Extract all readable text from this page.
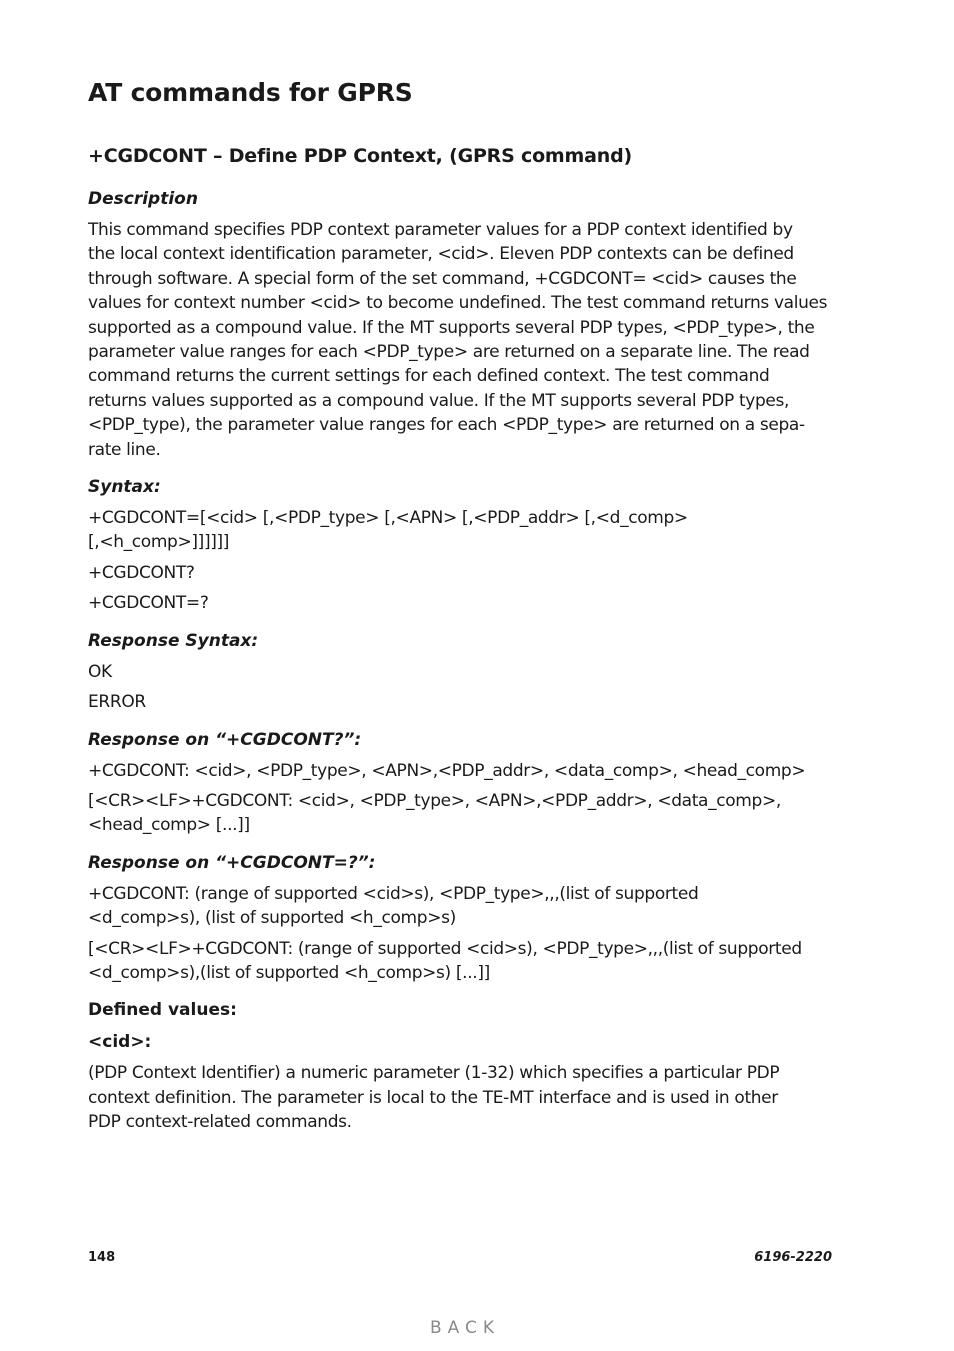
AT commands for GPRS
+CGDCONT – Define PDP Context, (GPRS command)

Description

This command specifies PDP context parameter values for a PDP context identified by
the local context identification parameter, <cid>. Eleven PDP contexts can be defined
through software. A special form of the set command, +CGDCONT= <cid> causes the
values for context number <cid> to become undefined. The test command returns values
supported as a compound value. If the MT supports several PDP types, <PDP_type>, the
parameter value ranges for each <PDP_type> are returned on a separate line. The read
command returns the current settings for each defined context. The test command
returns values supported as a compound value. If the MT supports several PDP types,
<PDP_type), the parameter value ranges for each <PDP_type> are returned on a sepa-
rate line.

Syntax:

+CGDCONT=[<cid> [,<PDP_type> [,<APN> [,<PDP_addr> [,<d_comp>
[,<h_comp>]]]]]]

+CGDCONT?

+CGDCONT=?

Response Syntax:

OK

ERROR

Response on “+CGDCONT?”:

+CGDCONT: <cid>, <PDP_type>, <APN>,<PDP_addr>, <data_comp>, <head_comp>

[<CR><LF>+CGDCONT: <cid>, <PDP_type>, <APN>,<PDP_addr>, <data_comp>,
<head_comp> [...]]

Response on “+CGDCONT=?”:

+CGDCONT: (range of supported <cid>s), <PDP_type>,,,(list of supported
<d_comp>s), (list of supported <h_comp>s)

[<CR><LF>+CGDCONT: (range of supported <cid>s), <PDP_type>,,,(list of supported
<d_comp>s),(list of supported <h_comp>s) [...]]

Defined values:

<cid>:

(PDP Context Identifier) a numeric parameter (1-32) which specifies a particular PDP
context definition. The parameter is local to the TE-MT interface and is used in other
PDP context-related commands.

148	6196-2220
BACK
